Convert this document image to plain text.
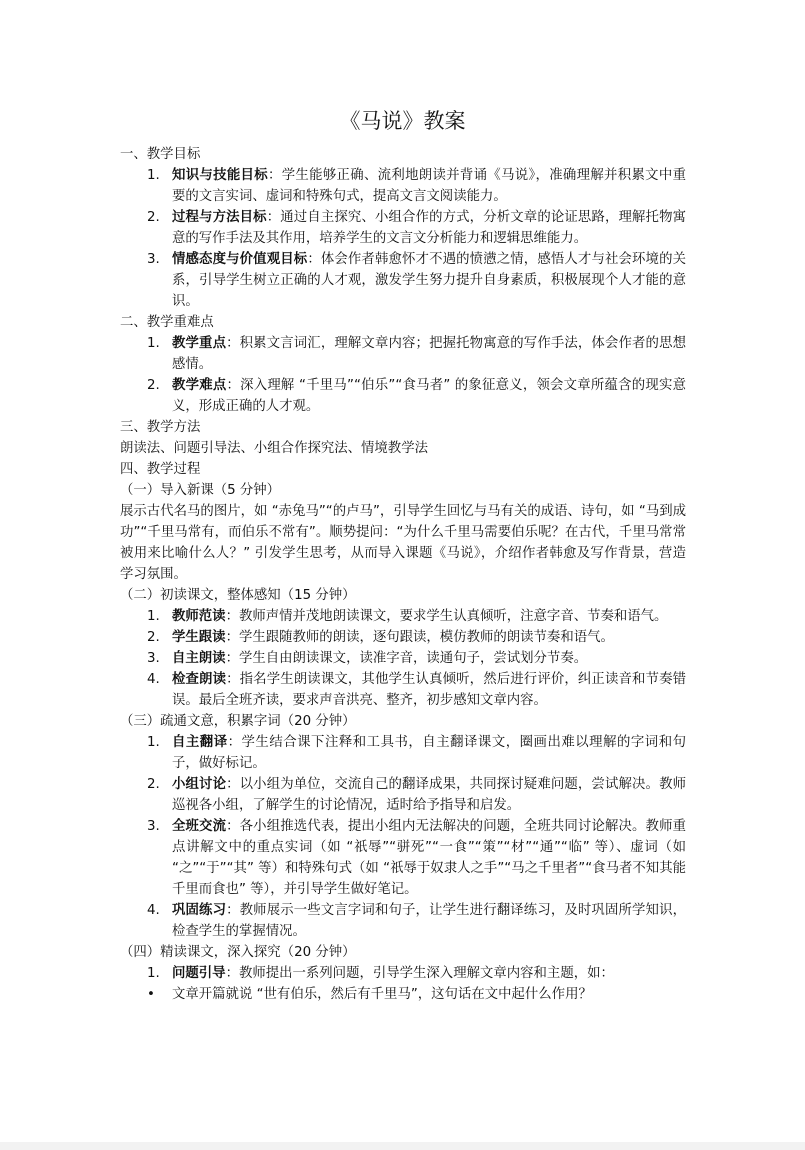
《马说》教案
一、教学目标
1. 知识与技能目标：学生能够正确、流利地朗读并背诵《马说》，准确理解并积累文中重要的文言实词、虚词和特殊句式，提高文言文阅读能力。
2. 过程与方法目标：通过自主探究、小组合作的方式，分析文章的论证思路，理解托物寓意的写作手法及其作用，培养学生的文言文分析能力和逻辑思维能力。
3. 情感态度与价值观目标：体会作者韩愈怀才不遇的愤懑之情，感悟人才与社会环境的关系，引导学生树立正确的人才观，激发学生努力提升自身素质，积极展现个人才能的意识。
二、教学重难点
1. 教学重点：积累文言词汇，理解文章内容；把握托物寓意的写作手法，体会作者的思想感情。
2. 教学难点：深入理解 “千里马”“伯乐”“食马者” 的象征意义，领会文章所蕴含的现实意义，形成正确的人才观。
三、教学方法
朗读法、问题引导法、小组合作探究法、情境教学法
四、教学过程
（一）导入新课（5 分钟）
展示古代名马的图片，如 “赤兔马”“的卢马”，引导学生回忆与马有关的成语、诗句，如 “马到成功”“千里马常有，而伯乐不常有”。顺势提问：“为什么千里马需要伯乐呢？在古代，千里马常常被用来比喻什么人？” 引发学生思考，从而导入课题《马说》，介绍作者韩愈及写作背景，营造学习氛围。
（二）初读课文，整体感知（15 分钟）
1. 教师范读：教师声情并茂地朗读课文，要求学生认真倾听，注意字音、节奏和语气。
2. 学生跟读：学生跟随教师的朗读，逐句跟读，模仿教师的朗读节奏和语气。
3. 自主朗读：学生自由朗读课文，读准字音，读通句子，尝试划分节奏。
4. 检查朗读：指名学生朗读课文，其他学生认真倾听，然后进行评价，纠正读音和节奏错误。最后全班齐读，要求声音洪亮、整齐，初步感知文章内容。
（三）疏通文意，积累字词（20 分钟）
1. 自主翻译：学生结合课下注释和工具书，自主翻译课文，圈画出难以理解的字词和句子，做好标记。
2. 小组讨论：以小组为单位，交流自己的翻译成果，共同探讨疑难问题，尝试解决。教师巡视各小组，了解学生的讨论情况，适时给予指导和启发。
3. 全班交流：各小组推选代表，提出小组内无法解决的问题，全班共同讨论解决。教师重点讲解文中的重点实词（如 “祇辱”“骈死”“一食”“策”“材”“通”“临” 等）、虚词（如 “之”“于”“其” 等）和特殊句式（如 “祇辱于奴隶人之手”“马之千里者”“食马者不知其能千里而食也” 等），并引导学生做好笔记。
4. 巩固练习：教师展示一些文言字词和句子，让学生进行翻译练习，及时巩固所学知识，检查学生的掌握情况。
（四）精读课文，深入探究（20 分钟）
1. 问题引导：教师提出一系列问题，引导学生深入理解文章内容和主题，如：
• 文章开篇就说 “世有伯乐，然后有千里马”，这句话在文中起什么作用？
